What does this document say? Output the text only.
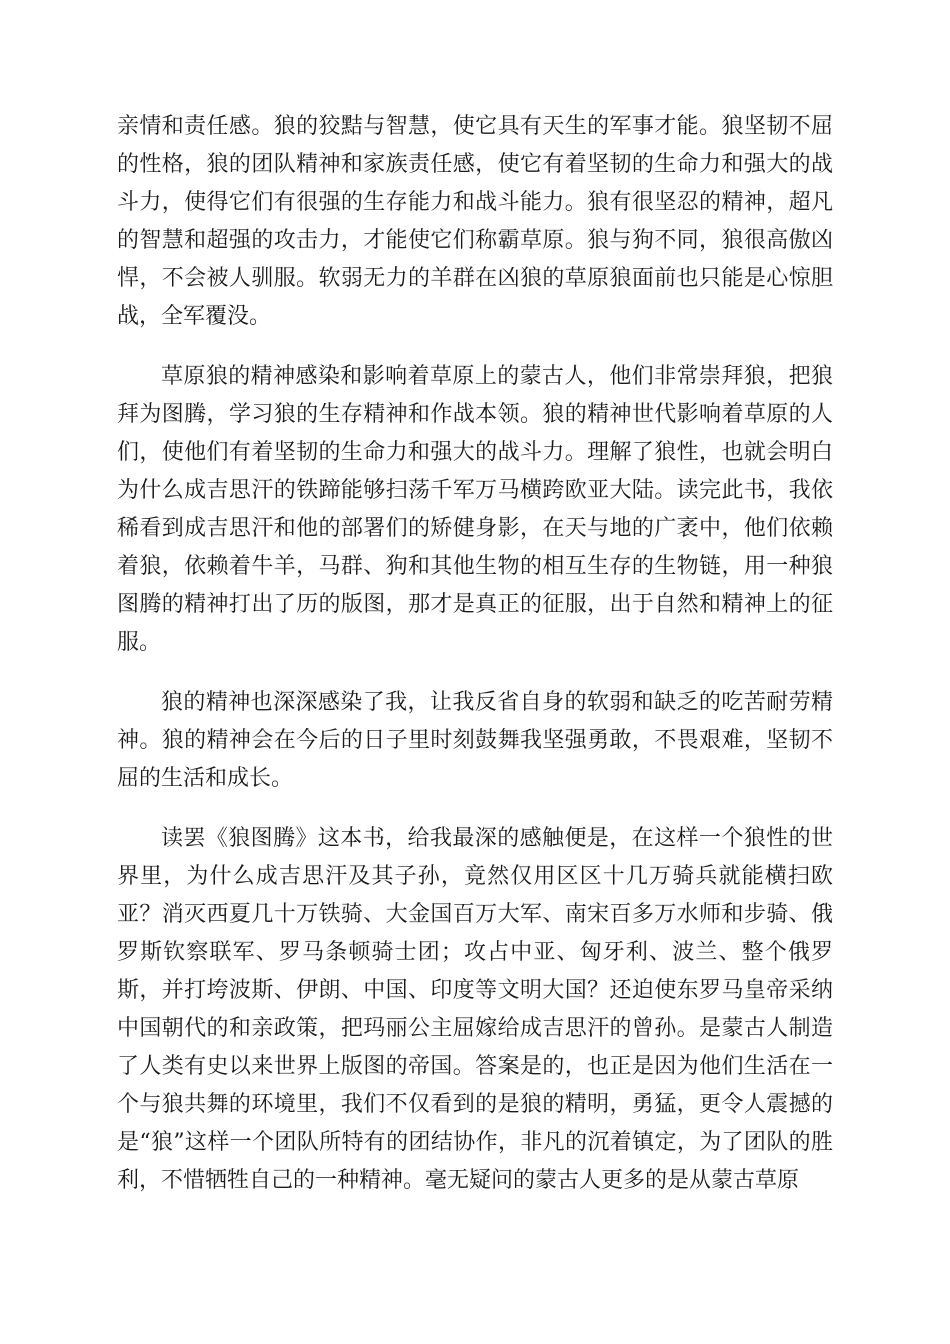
亲情和责任感。狼的狡黠与智慧，使它具有天生的军事才能。狼坚韧不屈的性格，狼的团队精神和家族责任感，使它有着坚韧的生命力和强大的战斗力，使得它们有很强的生存能力和战斗能力。狼有很坚忍的精神，超凡的智慧和超强的攻击力，才能使它们称霸草原。狼与狗不同，狼很高傲凶悍，不会被人驯服。软弱无力的羊群在凶狼的草原狼面前也只能是心惊胆战，全军覆没。

草原狼的精神感染和影响着草原上的蒙古人，他们非常崇拜狼，把狼拜为图腾，学习狼的生存精神和作战本领。狼的精神世代影响着草原的人们，使他们有着坚韧的生命力和强大的战斗力。理解了狼性，也就会明白为什么成吉思汗的铁蹄能够扫荡千军万马横跨欧亚大陆。读完此书，我依稀看到成吉思汗和他的部署们的矫健身影，在天与地的广袤中，他们依赖着狼，依赖着牛羊，马群、狗和其他生物的相互生存的生物链，用一种狼图腾的精神打出了历的版图，那才是真正的征服，出于自然和精神上的征服。

狼的精神也深深感染了我，让我反省自身的软弱和缺乏的吃苦耐劳精神。狼的精神会在今后的日子里时刻鼓舞我坚强勇敢，不畏艰难，坚韧不屈的生活和成长。

读罢《狼图腾》这本书，给我最深的感触便是，在这样一个狼性的世界里，为什么成吉思汗及其子孙，竟然仅用区区十几万骑兵就能横扫欧亚？消灭西夏几十万铁骑、大金国百万大军、南宋百多万水师和步骑、俄罗斯钦察联军、罗马条顿骑士团；攻占中亚、匈牙利、波兰、整个俄罗斯，并打垮波斯、伊朗、中国、印度等文明大国？还迫使东罗马皇帝采纳中国朝代的和亲政策，把玛丽公主屈嫁给成吉思汗的曾孙。是蒙古人制造了人类有史以来世界上版图的帝国。答案是的，也正是因为他们生活在一个与狼共舞的环境里，我们不仅看到的是狼的精明，勇猛，更令人震撼的是“狼”这样一个团队所特有的团结协作，非凡的沉着镇定，为了团队的胜利，不惜牺牲自己的一种精神。毫无疑问的蒙古人更多的是从蒙古草原
